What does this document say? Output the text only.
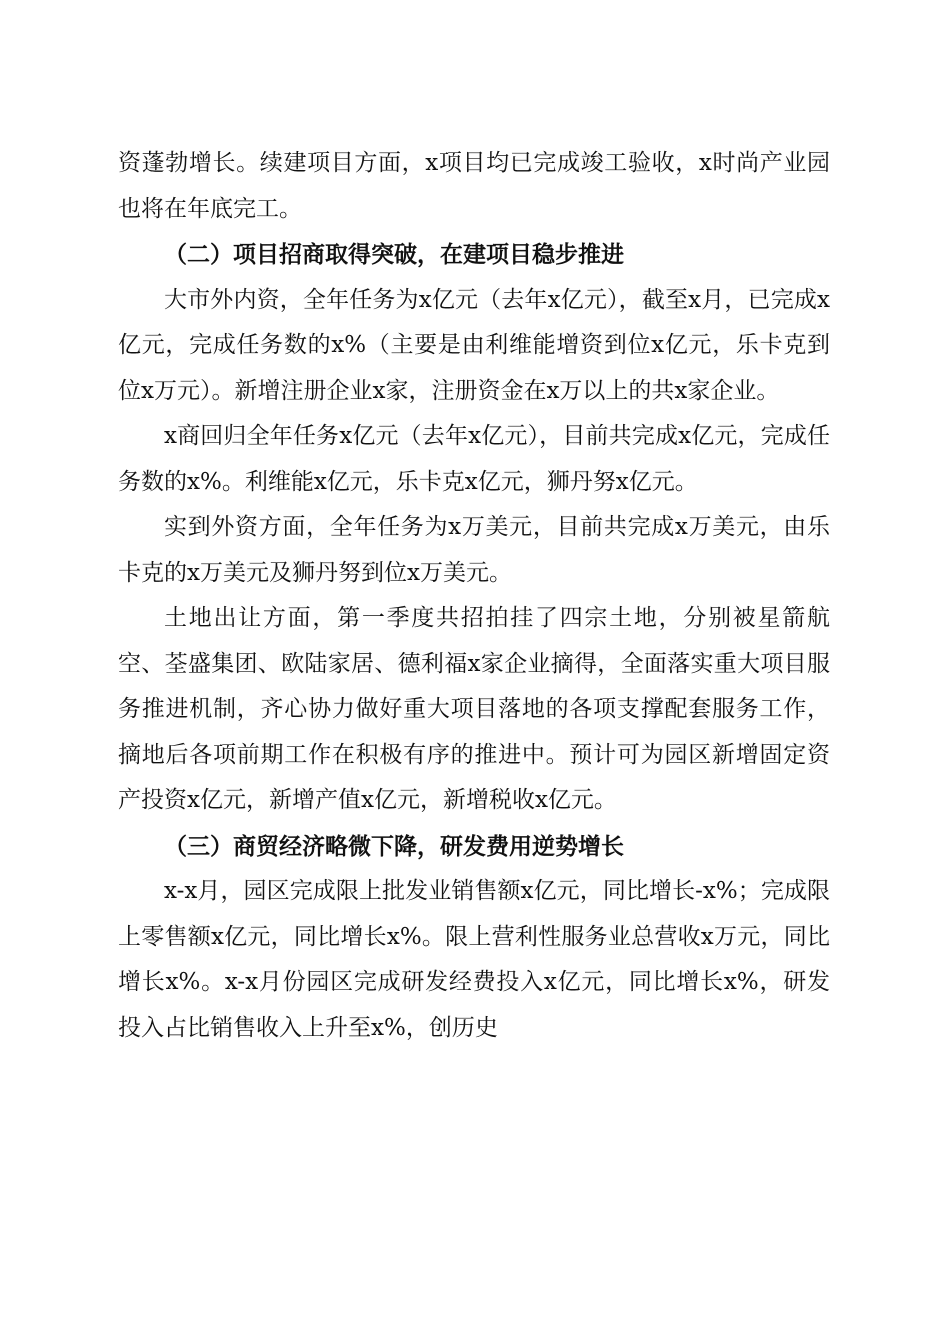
资蓬勃增长。续建项目方面，x项目均已完成竣工验收，x时尚产业园也将在年底完工。

（二）项目招商取得突破，在建项目稳步推进

大市外内资，全年任务为x亿元（去年x亿元），截至x月，已完成x亿元，完成任务数的x%（主要是由利维能增资到位x亿元，乐卡克到位x万元）。新增注册企业x家，注册资金在x万以上的共x家企业。

x商回归全年任务x亿元（去年x亿元），目前共完成x亿元，完成任务数的x%。利维能x亿元，乐卡克x亿元，狮丹努x亿元。

实到外资方面，全年任务为x万美元，目前共完成x万美元，由乐卡克的x万美元及狮丹努到位x万美元。

土地出让方面，第一季度共招拍挂了四宗土地，分别被星箭航空、荃盛集团、欧陆家居、德利福x家企业摘得，全面落实重大项目服务推进机制，齐心协力做好重大项目落地的各项支撑配套服务工作，摘地后各项前期工作在积极有序的推进中。预计可为园区新增固定资产投资x亿元，新增产值x亿元，新增税收x亿元。

（三）商贸经济略微下降，研发费用逆势增长

x-x月，园区完成限上批发业销售额x亿元，同比增长-x%；完成限上零售额x亿元，同比增长x%。限上营利性服务业总营收x万元，同比增长x%。x-x月份园区完成研发经费投入x亿元，同比增长x%，研发投入占比销售收入上升至x%，创历史
